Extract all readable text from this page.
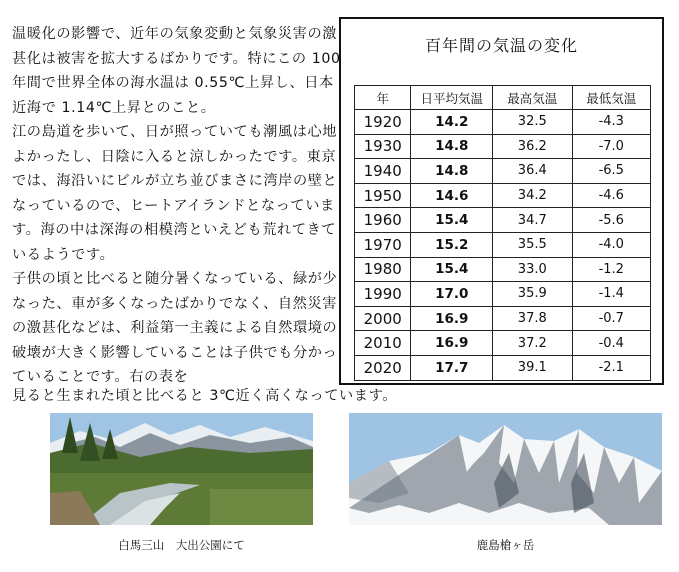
温暖化の影響で、近年の気象変動と気象災害の激甚化は被害を拡大するばかりです。特にこの 100 年間で世界全体の海水温は 0.55℃上昇し、日本近海で 1.14℃上昇とのこと。

江の島道を歩いて、日が照っていても潮風は心地よかったし、日陰に入ると涼しかったです。東京では、海沿いにビルが立ち並びまさに湾岸の壁となっているので、ヒートアイランドとなっています。海の中は深海の相模湾といえども荒れてきているようです。

子供の頃と比べると随分暑くなっている、緑が少なった、車が多くなったばかりでなく、自然災害の激甚化などは、利益第一主義による自然環境の破壊が大きく影響していることは子供でも分かっていることです。右の表を

見ると生まれた頃と比べると 3℃近く高くなっています。
百年間の気温の変化
年	日平均気温	最高気温	最低気温
1920	14.2	32.5	-4.3
1930	14.8	36.2	-7.0
1940	14.8	36.4	-6.5
1950	14.6	34.2	-4.6
1960	15.4	34.7	-5.6
1970	15.2	35.5	-4.0
1980	15.4	33.0	-1.2
1990	17.0	35.9	-1.4
2000	16.9	37.8	-0.7
2010	16.9	37.2	-0.4
2020	17.7	39.1	-2.1
白馬三山　大出公園にて	鹿島槍ヶ岳
